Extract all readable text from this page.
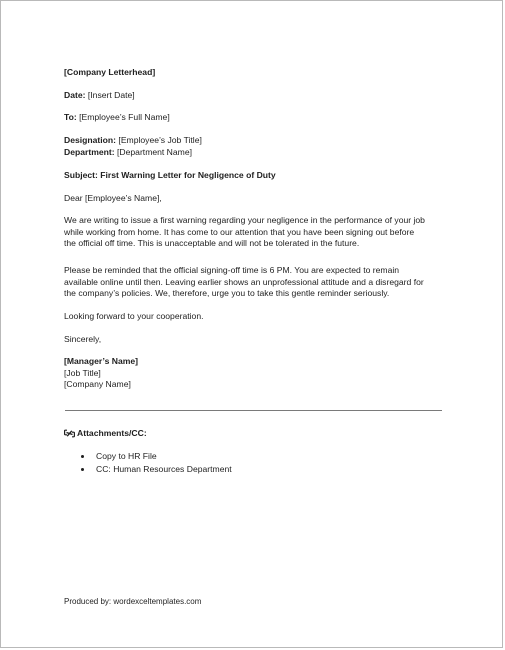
[Company Letterhead]
Date: [Insert Date]
To: [Employee’s Full Name]
Designation: [Employee’s Job Title]
Department: [Department Name]
Subject: First Warning Letter for Negligence of Duty
Dear [Employee’s Name],
We are writing to issue a first warning regarding your negligence in the performance of your job
while working from home. It has come to our attention that you have been signing out before
the official off time. This is unacceptable and will not be tolerated in the future.
Please be reminded that the official signing-off time is 6 PM. You are expected to remain
available online until then. Leaving earlier shows an unprofessional attitude and a disregard for
the company’s policies. We, therefore, urge you to take this gentle reminder seriously.
Looking forward to your cooperation.
Sincerely,
[Manager’s Name]
[Job Title]
[Company Name]
Attachments/CC:
Copy to HR File
CC: Human Resources Department
Produced by: wordexceltemplates.com
